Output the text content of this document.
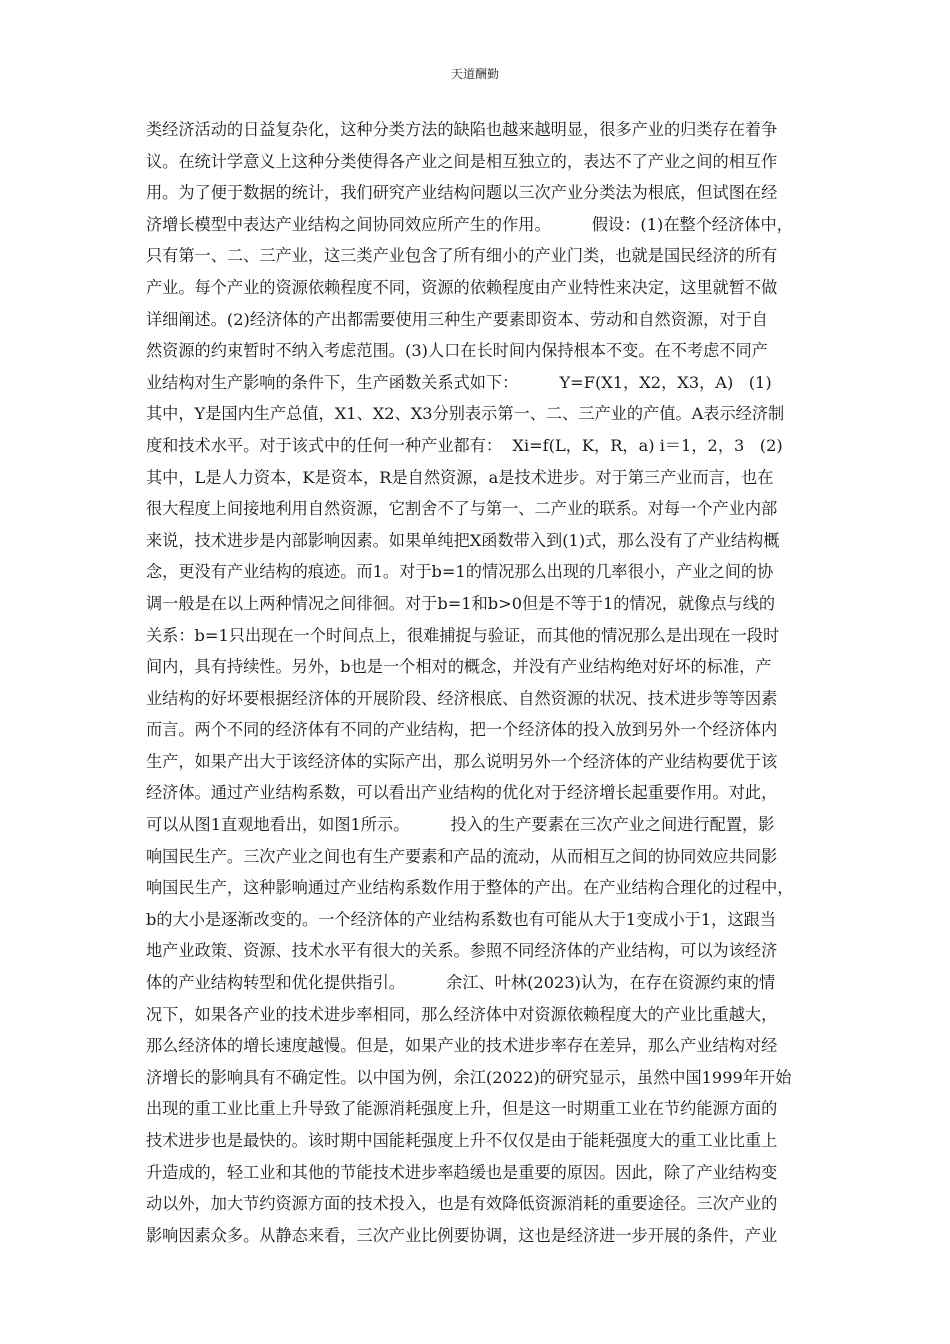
天道酬勤
类经济活动的日益复杂化，这种分类方法的缺陷也越来越明显，很多产业的归类存在着争
议。在统计学意义上这种分类使得各产业之间是相互独立的，表达不了产业之间的相互作
用。为了便于数据的统计，我们研究产业结构问题以三次产业分类法为根底，但试图在经
济增长模型中表达产业结构之间协同效应所产生的作用。        假设：(1)在整个经济体中，
只有第一、二、三产业，这三类产业包含了所有细小的产业门类，也就是国民经济的所有
产业。每个产业的资源依赖程度不同，资源的依赖程度由产业特性来决定，这里就暂不做
详细阐述。(2)经济体的产出都需要使用三种生产要素即资本、劳动和自然资源，对于自
然资源的约束暂时不纳入考虑范围。(3)人口在长时间内保持根本不变。在不考虑不同产
业结构对生产影响的条件下，生产函数关系式如下：        Y=F(X1，X2，X3，A)   (1)
其中，Y是国内生产总值，X1、X2、X3分别表示第一、二、三产业的产值。A表示经济制
度和技术水平。对于该式中的任何一种产业都有：  Xi=f(L，K，R，a) i＝1，2，3   (2)
其中，L是人力资本，K是资本，R是自然资源，a是技术进步。对于第三产业而言，也在
很大程度上间接地利用自然资源，它割舍不了与第一、二产业的联系。对每一个产业内部
来说，技术进步是内部影响因素。如果单纯把X函数带入到(1)式，那么没有了产业结构概
念，更没有产业结构的痕迹。而1。对于b=1的情况那么出现的几率很小，产业之间的协
调一般是在以上两种情况之间徘徊。对于b=1和b>0但是不等于1的情况，就像点与线的
关系：b=1只出现在一个时间点上，很难捕捉与验证，而其他的情况那么是出现在一段时
间内，具有持续性。另外，b也是一个相对的概念，并没有产业结构绝对好坏的标准，产
业结构的好坏要根据经济体的开展阶段、经济根底、自然资源的状况、技术进步等等因素
而言。两个不同的经济体有不同的产业结构，把一个经济体的投入放到另外一个经济体内
生产，如果产出大于该经济体的实际产出，那么说明另外一个经济体的产业结构要优于该
经济体。通过产业结构系数，可以看出产业结构的优化对于经济增长起重要作用。对此，
可以从图1直观地看出，如图1所示。        投入的生产要素在三次产业之间进行配置，影
响国民生产。三次产业之间也有生产要素和产品的流动，从而相互之间的协同效应共同影
响国民生产，这种影响通过产业结构系数作用于整体的产出。在产业结构合理化的过程中，
b的大小是逐渐改变的。一个经济体的产业结构系数也有可能从大于1变成小于1，这跟当
地产业政策、资源、技术水平有很大的关系。参照不同经济体的产业结构，可以为该经济
体的产业结构转型和优化提供指引。        余江、叶林(2023)认为，在存在资源约束的情
况下，如果各产业的技术进步率相同，那么经济体中对资源依赖程度大的产业比重越大，
那么经济体的增长速度越慢。但是，如果产业的技术进步率存在差异，那么产业结构对经
济增长的影响具有不确定性。以中国为例，余江(2022)的研究显示，虽然中国1999年开始
出现的重工业比重上升导致了能源消耗强度上升，但是这一时期重工业在节约能源方面的
技术进步也是最快的。该时期中国能耗强度上升不仅仅是由于能耗强度大的重工业比重上
升造成的，轻工业和其他的节能技术进步率趋缓也是重要的原因。因此，除了产业结构变
动以外，加大节约资源方面的技术投入，也是有效降低资源消耗的重要途径。三次产业的
影响因素众多。从静态来看，三次产业比例要协调，这也是经济进一步开展的条件，产业
